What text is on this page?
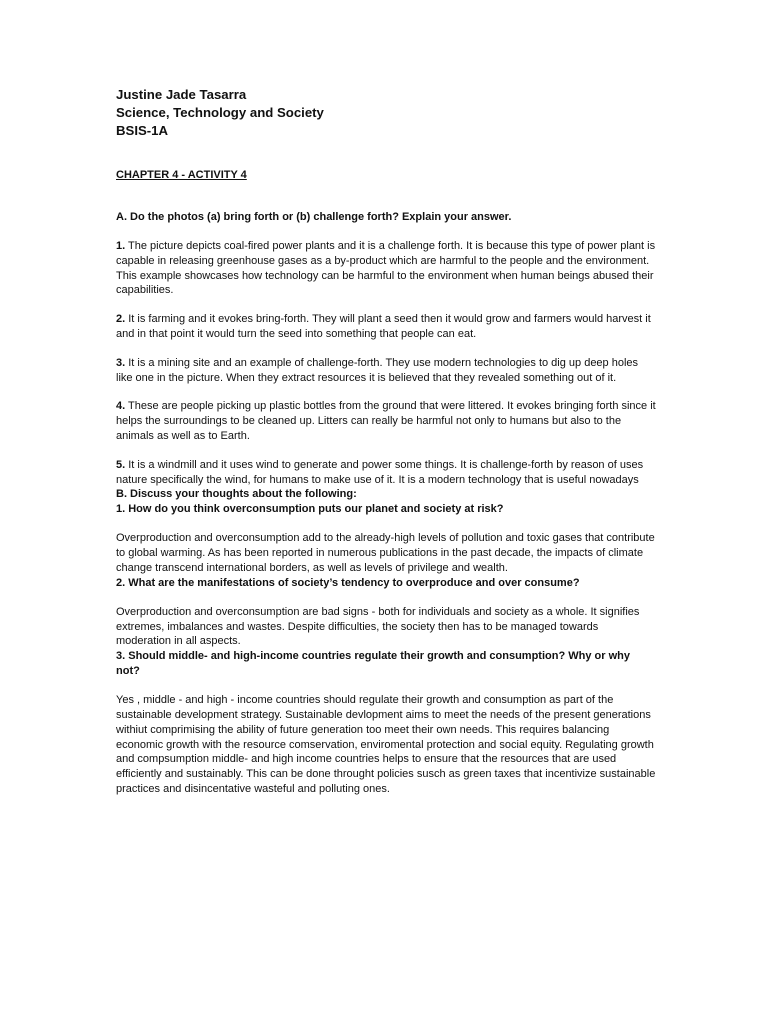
Justine Jade Tasarra

Science, Technology and Society

BSIS-1A

CHAPTER 4 - ACTIVITY 4
A. Do the photos (a) bring forth or (b) challenge forth? Explain your answer.

1. The picture depicts coal-fired power plants and it is a challenge forth. It is because this type of power plant is capable in releasing greenhouse gases as a by-product which are harmful to the people and the environment. This example showcases how technology can be harmful to the environment when human beings abused their capabilities.

2. It is farming and it evokes bring-forth. They will plant a seed then it would grow and farmers would harvest it and in that point it would turn the seed into something that people can eat.

3. It is a mining site and an example of challenge-forth. They use modern technologies to dig up deep holes like one in the picture. When they extract resources it is believed that they revealed something out of it.

4. These are people picking up plastic bottles from the ground that were littered. It evokes bringing forth since it helps the surroundings to be cleaned up. Litters can really be harmful not only to humans but also to the animals as well as to Earth.

5. It is a windmill and it uses wind to generate and power some things. It is challenge-forth by reason of uses nature specifically the wind, for humans to make use of it. It is a modern technology that is useful nowadays

B. Discuss your thoughts about the following:

1. How do you think overconsumption puts our planet and society at risk?

Overproduction and overconsumption add to the already-high levels of pollution and toxic gases that contribute to global warming. As has been reported in numerous publications in the past decade, the impacts of climate change transcend international borders, as well as levels of privilege and wealth.

2. What are the manifestations of society’s tendency to overproduce and over consume?

Overproduction and overconsumption are bad signs - both for individuals and society as a whole. It signifies extremes, imbalances and wastes. Despite difficulties, the society then has to be managed towards moderation in all aspects.

3. Should middle- and high-income countries regulate their growth and consumption? Why or why not?

Yes , middle - and high - income countries should regulate their growth and consumption as part of the sustainable development strategy. Sustainable devlopment aims to meet the needs of the present generations withiut comprimising the ability of future generation too meet their own needs. This requires balancing economic growth with the resource comservation, enviromental protection and social equity. Regulating growth and compsumption middle- and high income countries helps to ensure that the resources that are used efficiently and sustainably. This can be done throught policies susch as green taxes that incentivize sustainable practices and disincentative wasteful and polluting ones.
